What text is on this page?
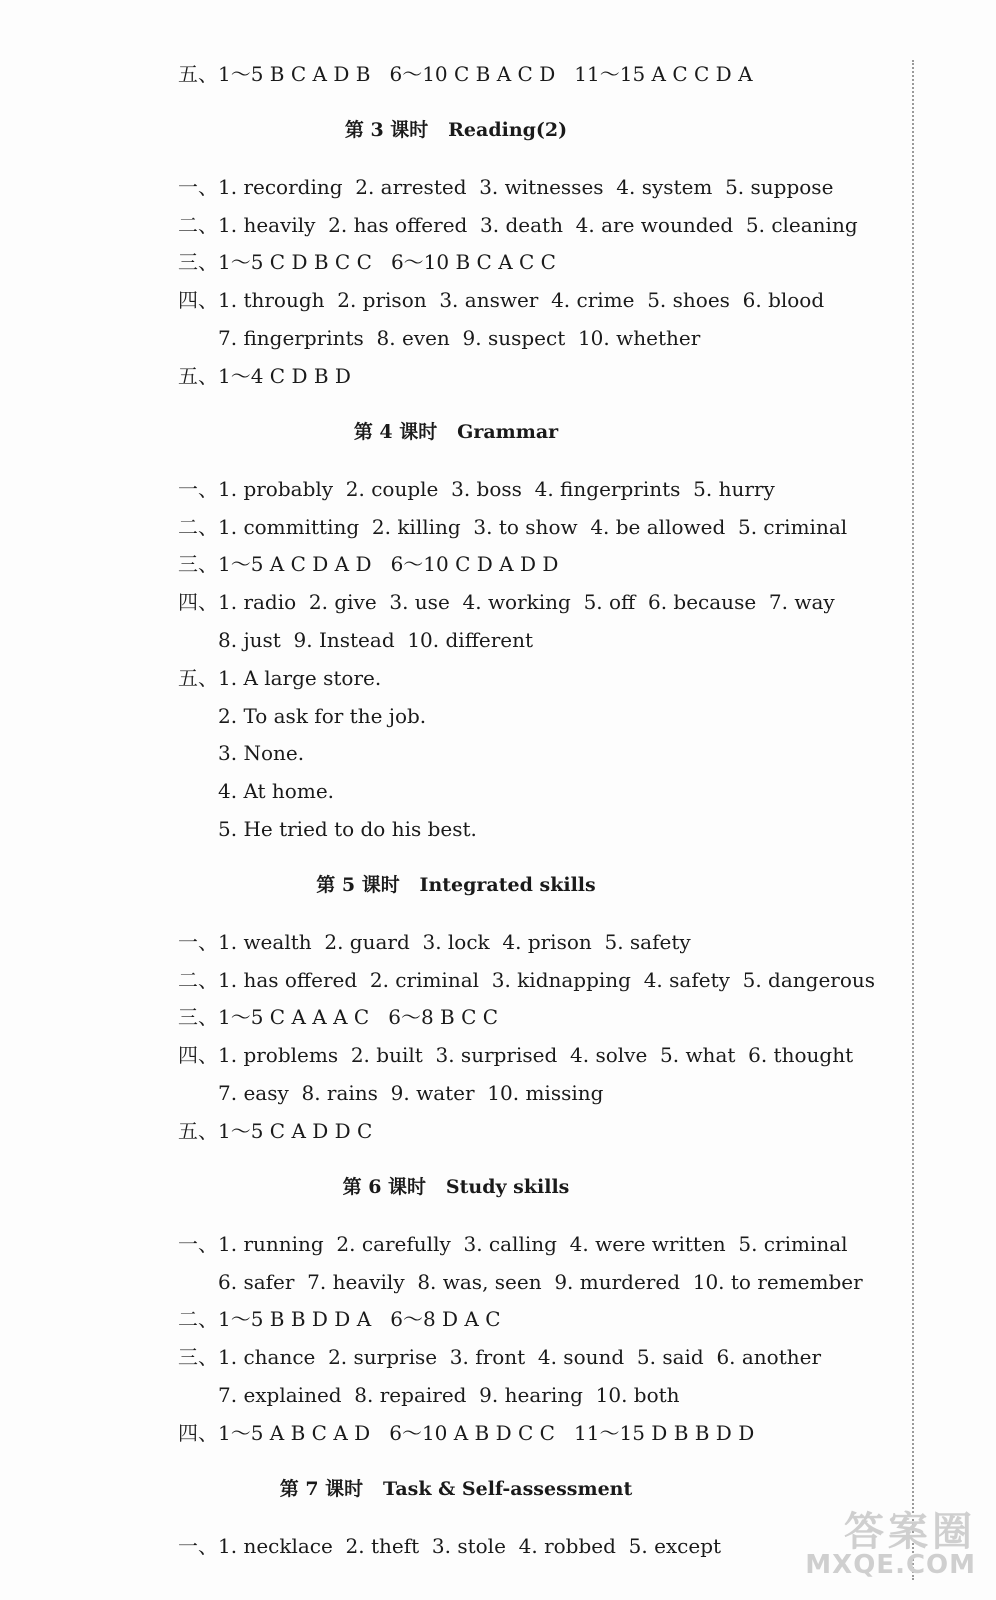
五、1～5 B C A D B   6～10 C B A C D   11～15 A C C D A
第 3 课时   Reading(2)
一、1. recording  2. arrested  3. witnesses  4. system  5. suppose
二、1. heavily  2. has offered  3. death  4. are wounded  5. cleaning
三、1～5 C D B C C   6～10 B C A C C
四、1. through  2. prison  3. answer  4. crime  5. shoes  6. blood
7. fingerprints  8. even  9. suspect  10. whether
五、1～4 C D B D
第 4 课时   Grammar
一、1. probably  2. couple  3. boss  4. fingerprints  5. hurry
二、1. committing  2. killing  3. to show  4. be allowed  5. criminal
三、1～5 A C D A D   6～10 C D A D D
四、1. radio  2. give  3. use  4. working  5. off  6. because  7. way
8. just  9. Instead  10. different
五、1. A large store.
2. To ask for the job.
3. None.
4. At home.
5. He tried to do his best.
第 5 课时   Integrated skills
一、1. wealth  2. guard  3. lock  4. prison  5. safety
二、1. has offered  2. criminal  3. kidnapping  4. safety  5. dangerous
三、1～5 C A A A C   6～8 B C C
四、1. problems  2. built  3. surprised  4. solve  5. what  6. thought
7. easy  8. rains  9. water  10. missing
五、1～5 C A D D C
第 6 课时   Study skills
一、1. running  2. carefully  3. calling  4. were written  5. criminal
6. safer  7. heavily  8. was, seen  9. murdered  10. to remember
二、1～5 B B D D A   6～8 D A C
三、1. chance  2. surprise  3. front  4. sound  5. said  6. another
7. explained  8. repaired  9. hearing  10. both
四、1～5 A B C A D   6～10 A B D C C   11～15 D B B D D
第 7 课时   Task & Self-assessment
一、1. necklace  2. theft  3. stole  4. robbed  5. except	答案圈
MXQE.COM
